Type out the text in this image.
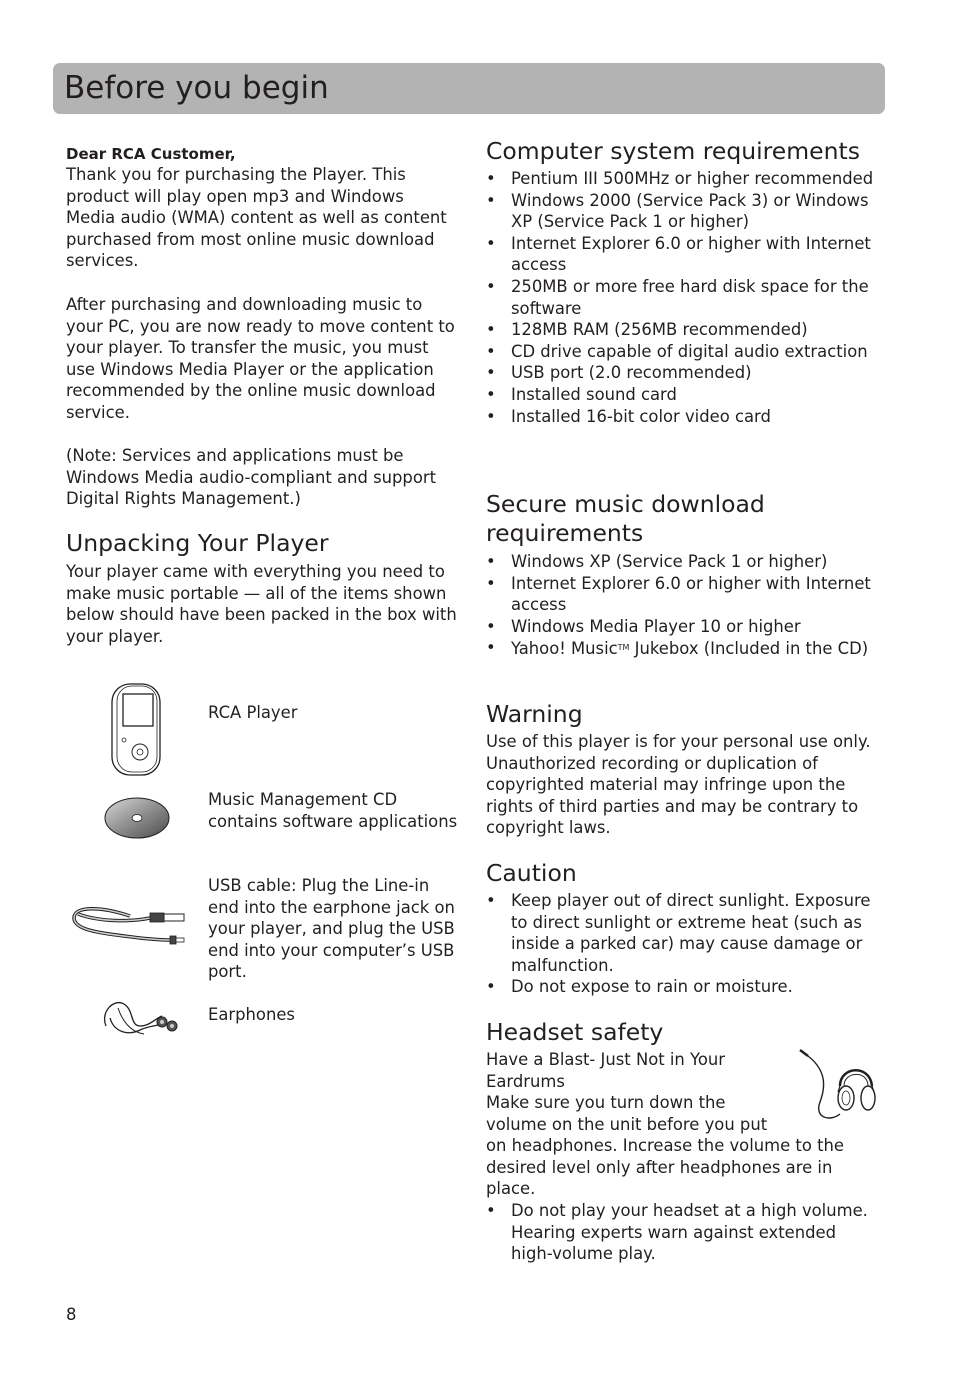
Before you begin
Dear RCA Customer,
Thank you for purchasing the Player. This product will play open mp3 and Windows Media audio (WMA) content as well as content purchased from most online music download services.
After purchasing and downloading music to your PC, you are now ready to move content to your player. To transfer the music, you must use Windows Media Player or the application recommended by the online music download service.
(Note: Services and applications must be Windows Media audio-compliant and support Digital Rights Management.)
Unpacking Your Player
Your player came with everything you need to make music portable — all of the items shown below should have been packed in the box with your player.
RCA Player
Music Management CD contains software applications
USB cable: Plug the Line-in end into the earphone jack on your player, and plug the USB end into your computer’s USB port.
Earphones
Computer system requirements
• Pentium III 500MHz or higher recommended
• Windows 2000 (Service Pack 3) or Windows XP (Service Pack 1 or higher)
• Internet Explorer 6.0 or higher with Internet access
• 250MB or more free hard disk space for the software
• 128MB RAM (256MB recommended)
• CD drive capable of digital audio extraction
• USB port (2.0 recommended)
• Installed sound card
• Installed 16-bit color video card
Secure music download
requirements
• Windows XP (Service Pack 1 or higher)
• Internet Explorer 6.0 or higher with Internet access
• Windows Media Player 10 or higher
• Yahoo! Music™ Jukebox (Included in the CD)
Warning
Use of this player is for your personal use only. Unauthorized recording or duplication of copyrighted material may infringe upon the rights of third parties and may be contrary to copyright laws.
Caution
• Keep player out of direct sunlight. Exposure to direct sunlight or extreme heat (such as inside a parked car) may cause damage or malfunction.
• Do not expose to rain or moisture.
Headset safety
Have a Blast- Just Not in Your
Eardrums
Make sure you turn down the
volume on the unit before you put
on headphones. Increase the volume to the desired level only after headphones are in place.
• Do not play your headset at a high volume. Hearing experts warn against extended high-volume play.
8
